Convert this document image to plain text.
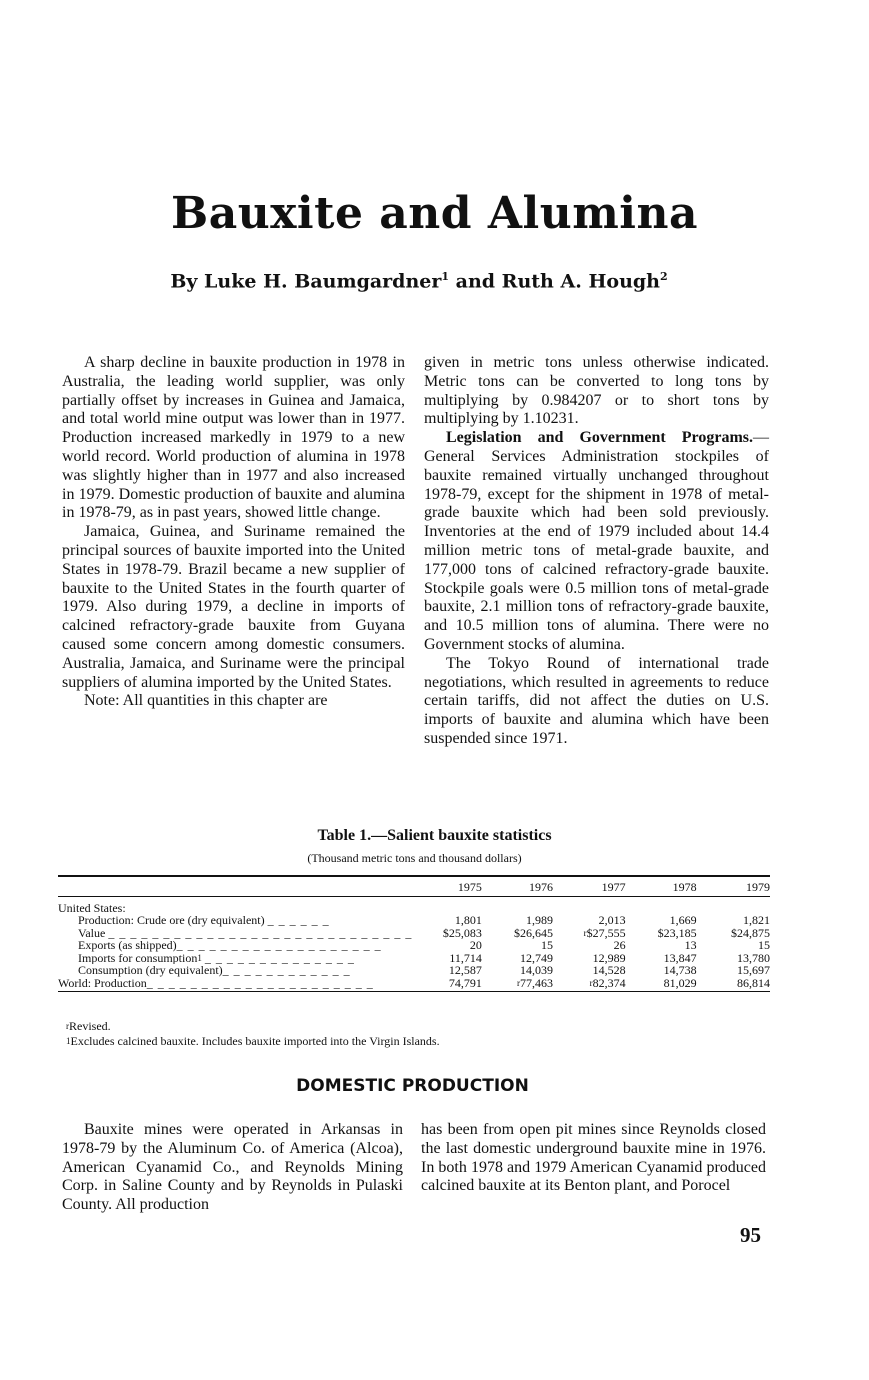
Bauxite and Alumina
By Luke H. Baumgardner$^1$ and Ruth A. Hough$^2$

A sharp decline in bauxite production in 1978 in Australia, the leading world supplier, was only partially offset by increases in Guinea and Jamaica, and total world mine output was lower than in 1977. Production increased markedly in 1979 to a new world record. World production of alumina in 1978 was slightly higher than in 1977 and also increased in 1979. Domestic production of bauxite and alumina in 1978-79, as in past years, showed little change.

Jamaica, Guinea, and Suriname remained the principal sources of bauxite imported into the United States in 1978-79. Brazil became a new supplier of bauxite to the United States in the fourth quarter of 1979. Also during 1979, a decline in imports of calcined refractory-grade bauxite from Guyana caused some concern among domestic consumers. Australia, Jamaica, and Suriname were the principal suppliers of alumina imported by the United States.

Note: All quantities in this chapter are

given in metric tons unless otherwise indicated. Metric tons can be converted to long tons by multiplying by 0.984207 or to short tons by multiplying by 1.10231.

Legislation and Government Programs.—General Services Administration stockpiles of bauxite remained virtually unchanged throughout 1978-79, except for the shipment in 1978 of metal-grade bauxite which had been sold previously. Inventories at the end of 1979 included about 14.4 million metric tons of metal-grade bauxite, and 177,000 tons of calcined refractory-grade bauxite. Stockpile goals were 0.5 million tons of metal-grade bauxite, 2.1 million tons of refractory-grade bauxite, and 10.5 million tons of alumina. There were no Government stocks of alumina.

The Tokyo Round of international trade negotiations, which resulted in agreements to reduce certain tariffs, did not affect the duties on U.S. imports of bauxite and alumina which have been suspended since 1971.

Table 1.—Salient bauxite statistics
(Thousand metric tons and thousand dollars)
	1975	1976	1977	1978	1979
United States:					
Production: Crude ore (dry equivalent) _ _ _ _ _ _	1,801	1,989	2,013	1,669	1,821
Value _ _ _ _ _ _ _ _ _ _ _ _ _ _ _ _ _ _ _ _ _ _ _ _ _ _ _ _	$25,083	$26,645	$^r$\$27,555	$23,185	$24,875
Exports (as shipped)_ _ _ _ _ _ _ _ _ _ _ _ _ _ _ _ _ _ _	20	15	26	13	15
Imports for consumption$^1$ _ _ _ _ _ _ _ _ _ _ _ _ _ _	11,714	12,749	12,989	13,847	13,780
Consumption (dry equivalent)_ _ _ _ _ _ _ _ _ _ _ _	12,587	14,039	14,528	14,738	15,697
World: Production_ _ _ _ _ _ _ _ _ _ _ _ _ _ _ _ _ _ _ _ _	74,791	$^r$77,463	$^r$82,374	81,029	86,814
$^r$Revised.
$^1$Excludes calcined bauxite. Includes bauxite imported into the Virgin Islands.
DOMESTIC PRODUCTION

Bauxite mines were operated in Arkansas in 1978-79 by the Aluminum Co. of America (Alcoa), American Cyanamid Co., and Reynolds Mining Corp. in Saline County and by Reynolds in Pulaski County. All production

has been from open pit mines since Reynolds closed the last domestic underground bauxite mine in 1976. In both 1978 and 1979 American Cyanamid produced calcined bauxite at its Benton plant, and Porocel

95
